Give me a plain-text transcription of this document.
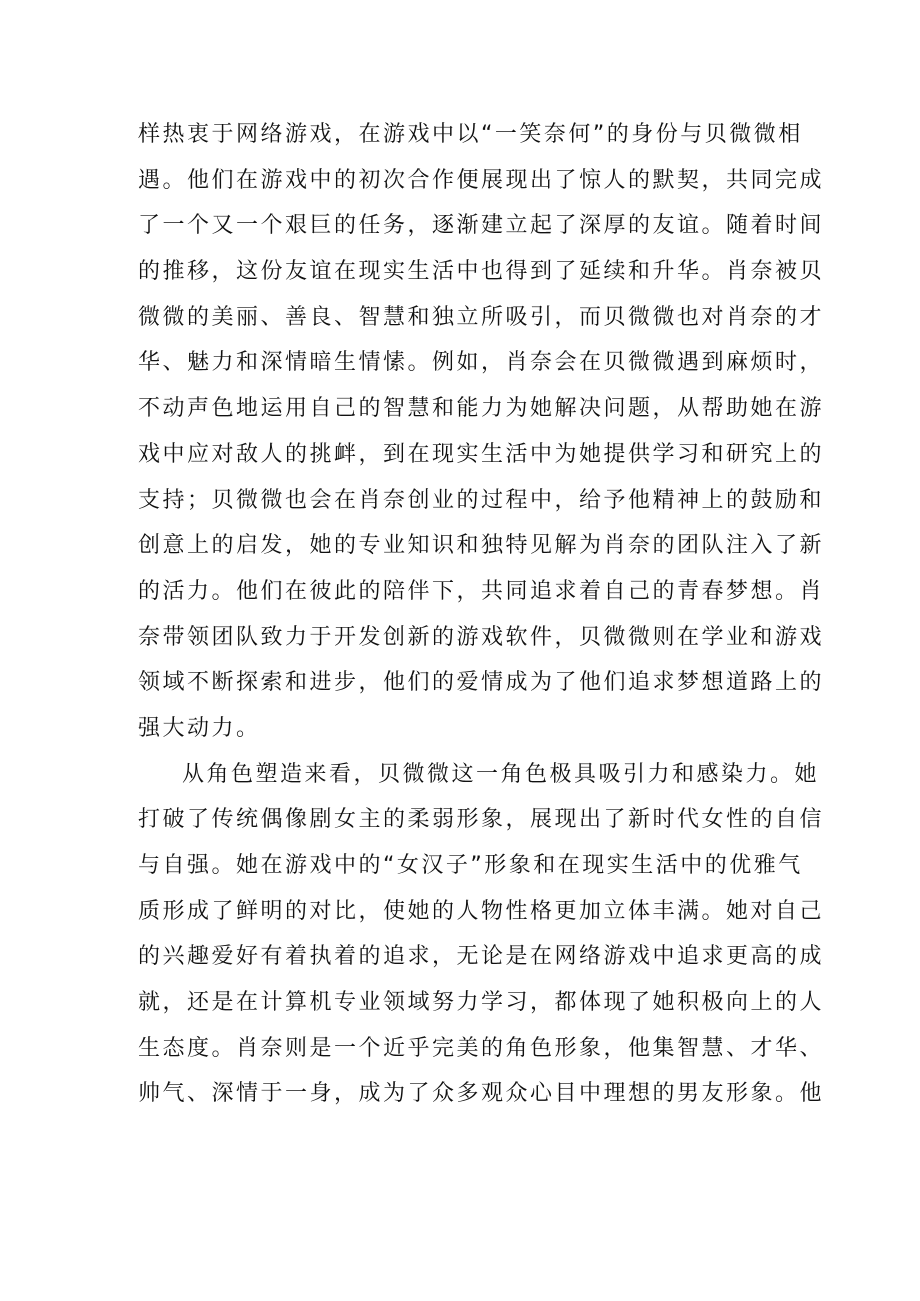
样热衷于网络游戏，在游戏中以“一笑奈何”的身份与贝微微相
遇。他们在游戏中的初次合作便展现出了惊人的默契，共同完成
了一个又一个艰巨的任务，逐渐建立起了深厚的友谊。随着时间
的推移，这份友谊在现实生活中也得到了延续和升华。肖奈被贝
微微的美丽、善良、智慧和独立所吸引，而贝微微也对肖奈的才
华、魅力和深情暗生情愫。例如，肖奈会在贝微微遇到麻烦时，
不动声色地运用自己的智慧和能力为她解决问题，从帮助她在游
戏中应对敌人的挑衅，到在现实生活中为她提供学习和研究上的
支持；贝微微也会在肖奈创业的过程中，给予他精神上的鼓励和
创意上的启发，她的专业知识和独特见解为肖奈的团队注入了新
的活力。他们在彼此的陪伴下，共同追求着自己的青春梦想。肖
奈带领团队致力于开发创新的游戏软件，贝微微则在学业和游戏
领域不断探索和进步，他们的爱情成为了他们追求梦想道路上的
强大动力。
从角色塑造来看，贝微微这一角色极具吸引力和感染力。她
打破了传统偶像剧女主的柔弱形象，展现出了新时代女性的自信
与自强。她在游戏中的“女汉子”形象和在现实生活中的优雅气
质形成了鲜明的对比，使她的人物性格更加立体丰满。她对自己
的兴趣爱好有着执着的追求，无论是在网络游戏中追求更高的成
就，还是在计算机专业领域努力学习，都体现了她积极向上的人
生态度。肖奈则是一个近乎完美的角色形象，他集智慧、才华、
帅气、深情于一身，成为了众多观众心目中理想的男友形象。他
